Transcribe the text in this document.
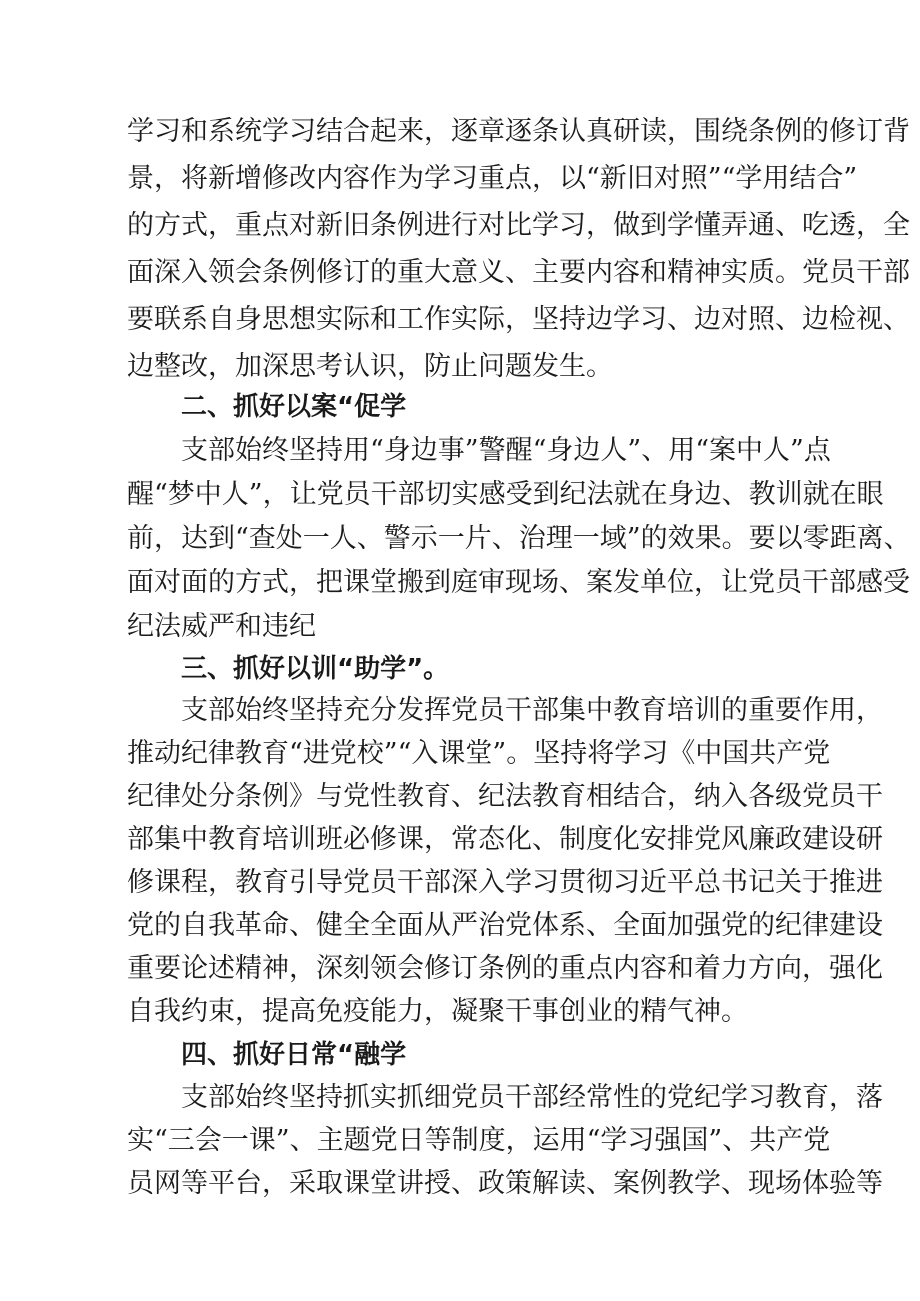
学习和系统学习结合起来，逐章逐条认真研读，围绕条例的修订背
景，将新增修改内容作为学习重点，以“新旧对照”“学用结合”
的方式，重点对新旧条例进行对比学习，做到学懂弄通、吃透，全
面深入领会条例修订的重大意义、主要内容和精神实质。党员干部
要联系自身思想实际和工作实际，坚持边学习、边对照、边检视、
边整改，加深思考认识，防止问题发生。
二、抓好以案“促学
支部始终坚持用“身边事”警醒“身边人”、用“案中人”点
醒“梦中人”，让党员干部切实感受到纪法就在身边、教训就在眼
前，达到“查处一人、警示一片、治理一域”的效果。要以零距离、
面对面的方式，把课堂搬到庭审现场、案发单位，让党员干部感受
纪法威严和违纪
三、抓好以训“助学”。
支部始终坚持充分发挥党员干部集中教育培训的重要作用，
推动纪律教育“进党校”“入课堂”。坚持将学习《中国共产党
纪律处分条例》与党性教育、纪法教育相结合，纳入各级党员干
部集中教育培训班必修课，常态化、制度化安排党风廉政建设研
修课程，教育引导党员干部深入学习贯彻习近平总书记关于推进
党的自我革命、健全全面从严治党体系、全面加强党的纪律建设
重要论述精神，深刻领会修订条例的重点内容和着力方向，强化
自我约束，提高免疫能力，凝聚干事创业的精气神。
四、抓好日常“融学
支部始终坚持抓实抓细党员干部经常性的党纪学习教育，落
实“三会一课”、主题党日等制度，运用“学习强国”、共产党
员网等平台，采取课堂讲授、政策解读、案例教学、现场体验等
